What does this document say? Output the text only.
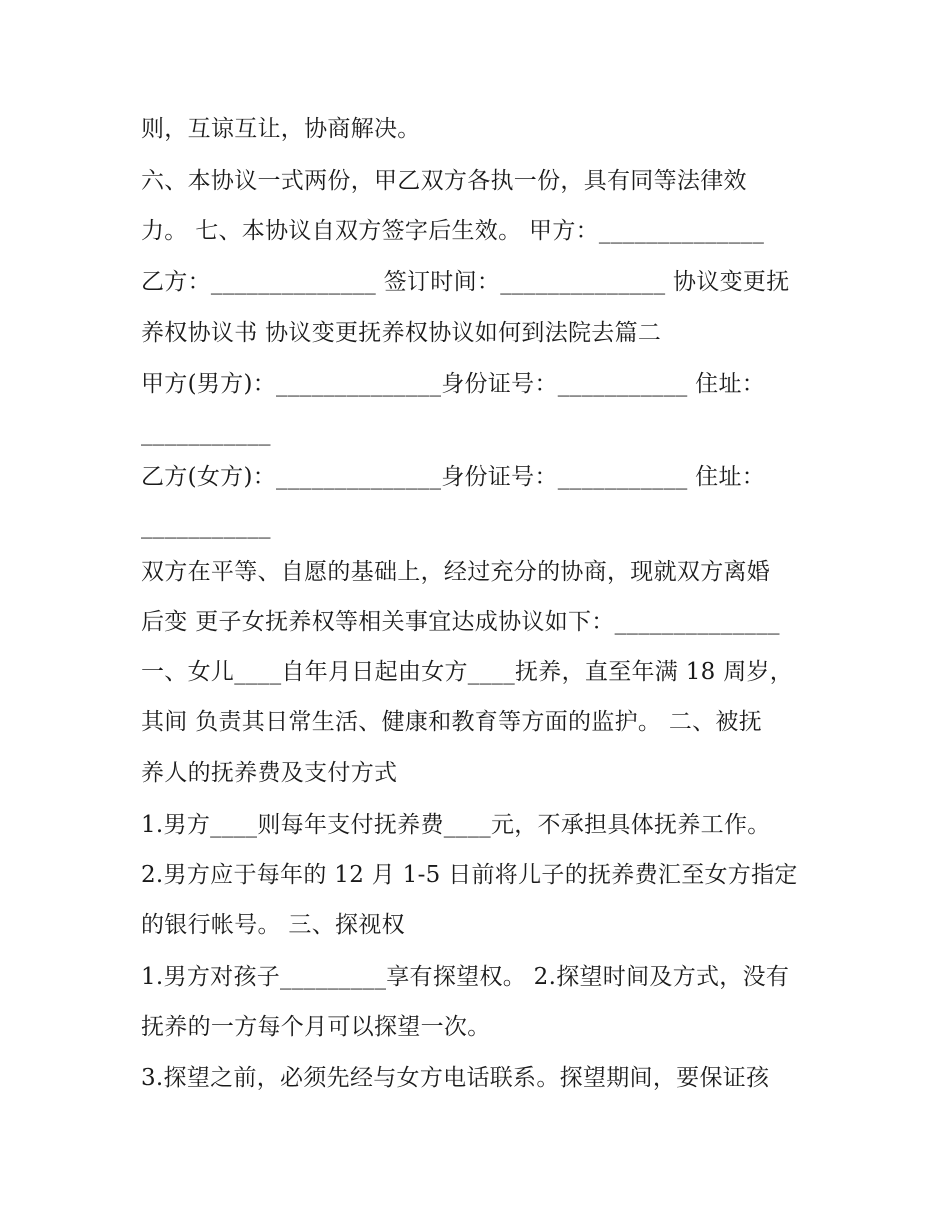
则，互谅互让，协商解决。
六、本协议一式两份，甲乙双方各执一份，具有同等法律效
力。 七、本协议自双方签字后生效。 甲方：______________
乙方：______________ 签订时间：______________ 协议变更抚
养权协议书 协议变更抚养权协议如何到法院去篇二
甲方(男方)：______________身份证号：___________ 住址：
___________
乙方(女方)：______________身份证号：___________ 住址：
___________
双方在平等、自愿的基础上，经过充分的协商，现就双方离婚
后变 更子女抚养权等相关事宜达成协议如下：______________
一、女儿____自年月日起由女方____抚养，直至年满 18 周岁，
其间 负责其日常生活、健康和教育等方面的监护。 二、被抚
养人的抚养费及支付方式
1.男方____则每年支付抚养费____元，不承担具体抚养工作。
2.男方应于每年的 12 月 1-5 日前将儿子的抚养费汇至女方指定
的银行帐号。 三、探视权
1.男方对孩子_________享有探望权。 2.探望时间及方式，没有
抚养的一方每个月可以探望一次。
3.探望之前，必须先经与女方电话联系。探望期间，要保证孩
